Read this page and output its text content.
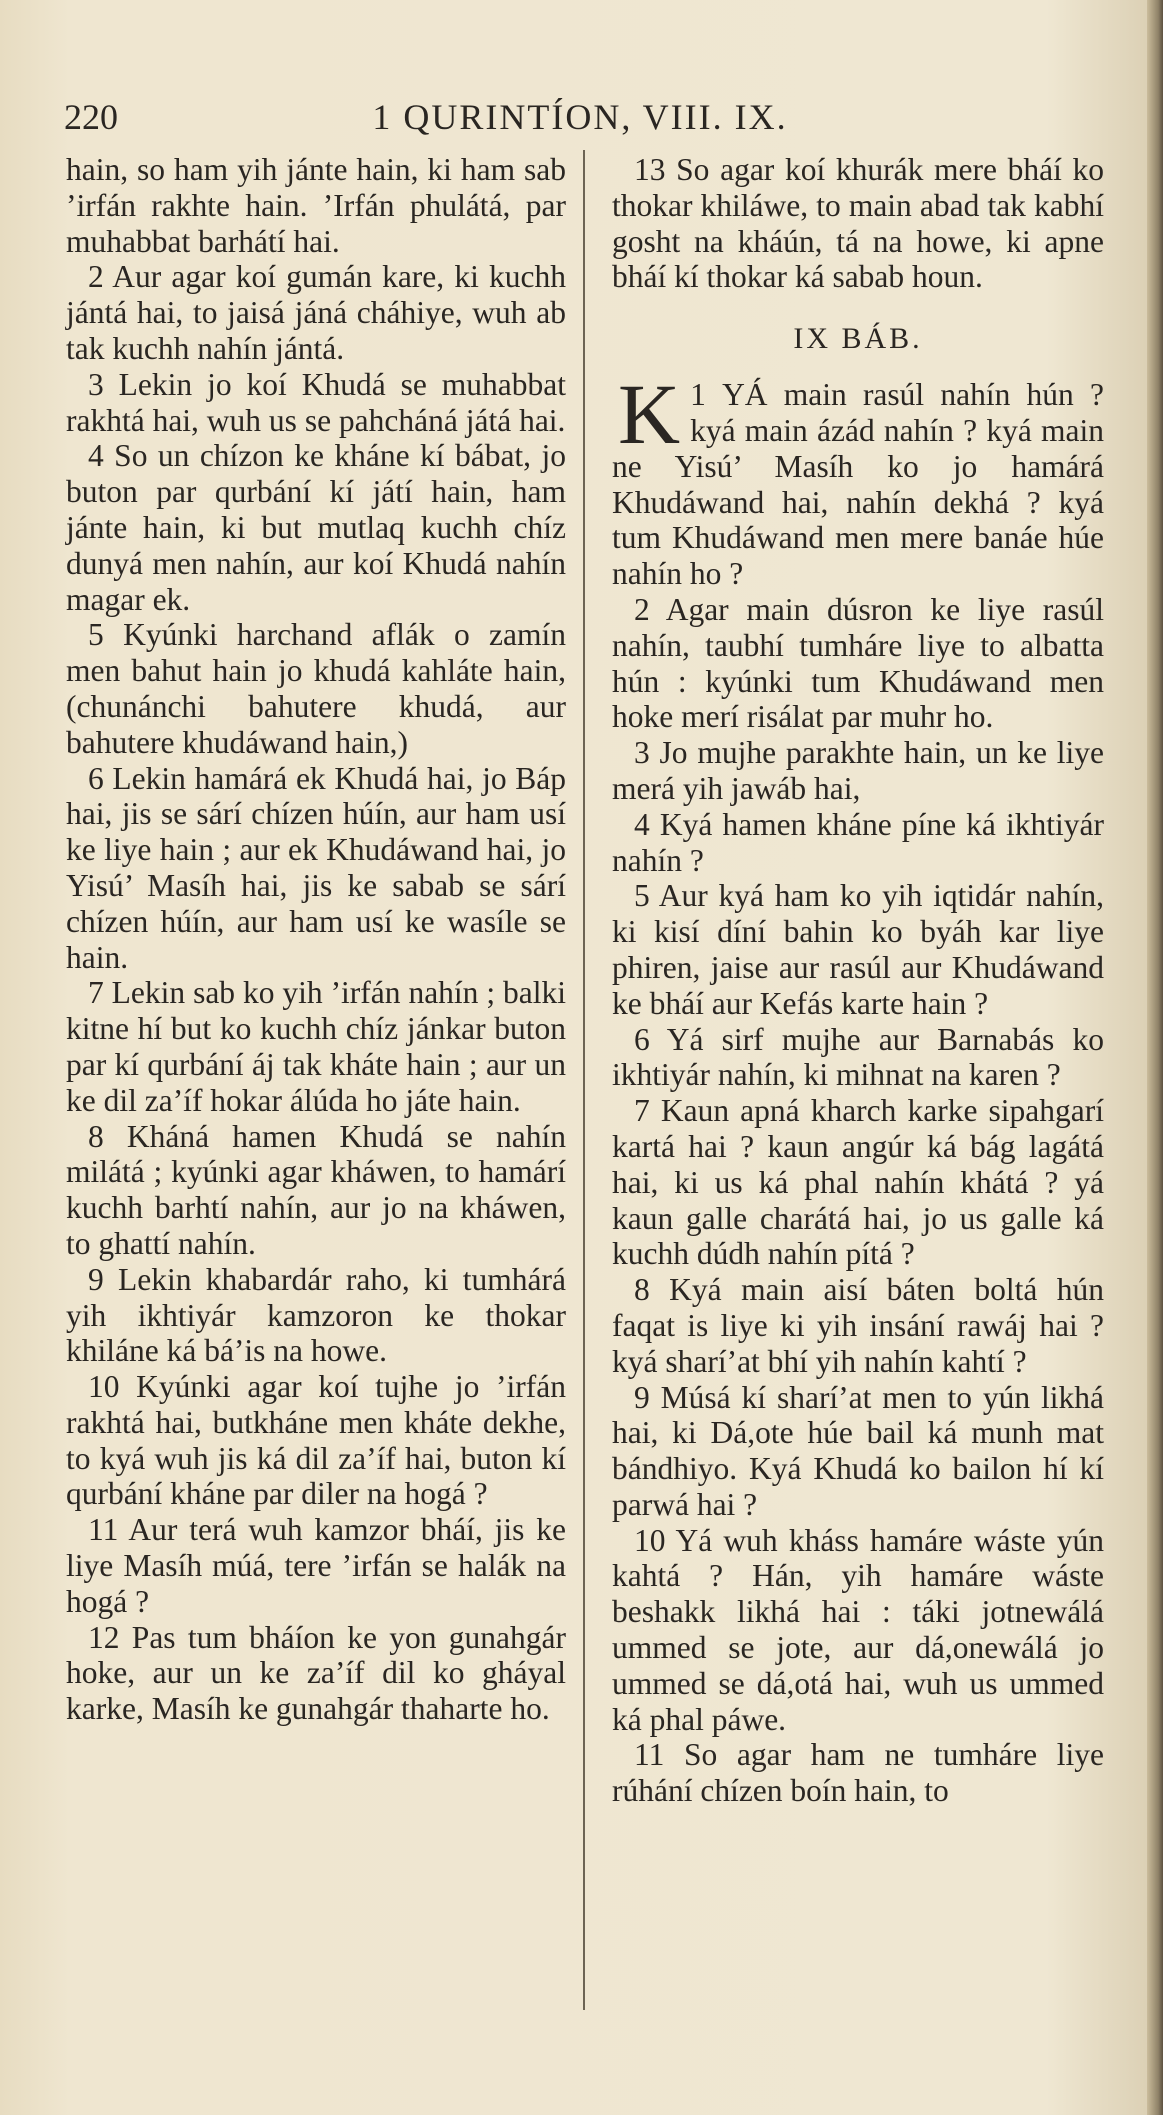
220	1 QURINTÍON, VIII. IX.

hain, so ham yih jánte hain, ki ham sab ’irfán rakhte hain. ’Irfán phulátá, par muhabbat barhátí hai.

2 Aur agar koí gumán kare, ki kuchh jántá hai, to jaisá jáná cháhiye, wuh ab tak kuchh nahín jántá.

3 Lekin jo koí Khudá se muhabbat rakhtá hai, wuh us se pahcháná játá hai.

4 So un chízon ke kháne kí bábat, jo buton par qurbání kí játí hain, ham jánte hain, ki but mutlaq kuchh chíz dunyá men nahín, aur koí Khudá nahín magar ek.

5 Kyúnki harchand aflák o zamín men bahut hain jo khudá kahláte hain, (chunánchi bahutere khudá, aur bahutere khudáwand hain,)

6 Lekin hamárá ek Khudá hai, jo Báp hai, jis se sárí chízen húín, aur ham usí ke liye hain ; aur ek Khudáwand hai, jo Yisú’ Masíh hai, jis ke sabab se sárí chízen húín, aur ham usí ke wasíle se hain.

7 Lekin sab ko yih ’irfán nahín ; balki kitne hí but ko kuchh chíz jánkar buton par kí qurbání áj tak kháte hain ; aur un ke dil za’íf hokar álúda ho játe hain.

8 Kháná hamen Khudá se nahín milátá ; kyúnki agar kháwen, to hamárí kuchh barhtí nahín, aur jo na kháwen, to ghattí nahín.

9 Lekin khabardár raho, ki tumhárá yih ikhtiyár kamzoron ke thokar khiláne ká bá’is na howe.

10 Kyúnki agar koí tujhe jo ’irfán rakhtá hai, butkháne men kháte dekhe, to kyá wuh jis ká dil za’íf hai, buton kí qurbání kháne par diler na hogá ?

11 Aur terá wuh kamzor bháí, jis ke liye Masíh múá, tere ’irfán se halák na hogá ?

12 Pas tum bháíon ke yon gunahgár hoke, aur un ke za’íf dil ko gháyal karke, Masíh ke gunahgár thaharte ho.

13 So agar koí khurák mere bháí ko thokar khiláwe, to main abad tak kabhí gosht na kháún, tá na howe, ki apne bháí kí thokar ká sabab houn.

IX BÁB.

1
K YÁ main rasúl nahín hún ? kyá main ázád nahín ? kyá main ne Yisú’ Masíh ko jo hamárá Khudáwand hai, nahín dekhá ? kyá tum Khudáwand men mere banáe húe nahín ho ?

2 Agar main dúsron ke liye rasúl nahín, taubhí tumháre liye to albatta hún : kyúnki tum Khudáwand men hoke merí risálat par muhr ho.

3 Jo mujhe parakhte hain, un ke liye merá yih jawáb hai,

4 Kyá hamen kháne píne ká ikhtiyár nahín ?

5 Aur kyá ham ko yih iqtidár nahín, ki kisí díní bahin ko byáh kar liye phiren, jaise aur rasúl aur Khudáwand ke bháí aur Kefás karte hain ?

6 Yá sirf mujhe aur Barnabás ko ikhtiyár nahín, ki mihnat na karen ?

7 Kaun apná kharch karke sipahgarí kartá hai ? kaun angúr ká bág lagátá hai, ki us ká phal nahín khátá ? yá kaun galle charátá hai, jo us galle ká kuchh dúdh nahín pítá ?

8 Kyá main aisí báten boltá hún faqat is liye ki yih insání rawáj hai ? kyá sharí’at bhí yih nahín kahtí ?

9 Músá kí sharí’at men to yún likhá hai, ki Dá,ote húe bail ká munh mat bándhiyo. Kyá Khudá ko bailon hí kí parwá hai ?

10 Yá wuh kháss hamáre wáste yún kahtá ? Hán, yih hamáre wáste beshakk likhá hai : táki jotnewálá ummed se jote, aur dá,onewálá jo ummed se dá,otá hai, wuh us ummed ká phal páwe.

11 So agar ham ne tumháre liye rúhání chízen boín hain, to
